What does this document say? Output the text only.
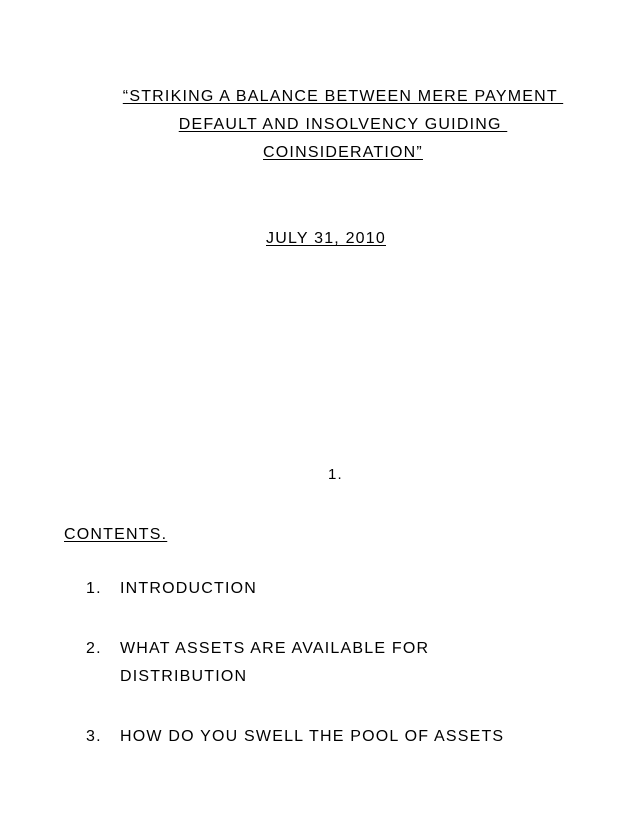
“STRIKING A BALANCE BETWEEN MERE PAYMENT
DEFAULT AND INSOLVENCY GUIDING
COINSIDERATION”
JULY 31, 2010
1.
CONTENTS.
1. INTRODUCTION
2. WHAT ASSETS ARE AVAILABLE FOR DISTRIBUTION
3. HOW DO YOU SWELL THE POOL OF ASSETS
